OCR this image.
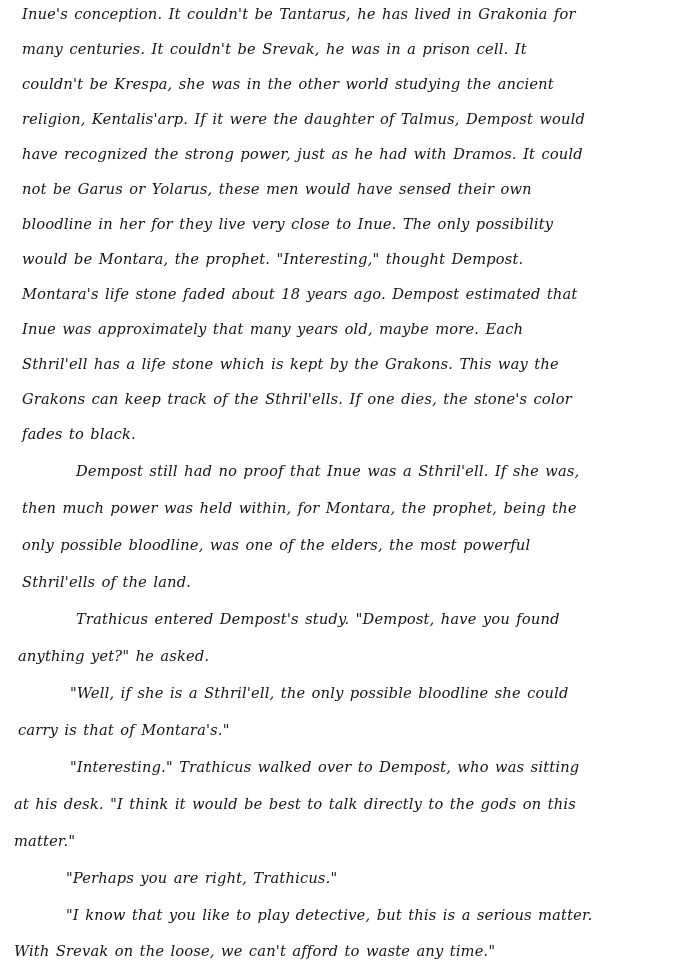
Inue's conception. It couldn't be Tantarus, he has lived in Grakonia for

many centuries. It couldn't be Srevak, he was in a prison cell. It

couldn't be Krespa, she was in the other world studying the ancient

religion, Kentalis'arp. If it were the daughter of Talmus, Dempost would

have recognized the strong power, just as he had with Dramos. It could

not be Garus or Yolarus, these men would have sensed their own

bloodline in her for they live very close to Inue. The only possibility

would be Montara, the prophet. "Interesting," thought Dempost.

Montara's life stone faded about 18 years ago. Dempost estimated that

Inue was approximately that many years old, maybe more. Each

Sthril'ell has a life stone which is kept by the Grakons. This way the

Grakons can keep track of the Sthril'ells. If one dies, the stone's color

fades to black.

Dempost still had no proof that Inue was a Sthril'ell. If she was,

then much power was held within, for Montara, the prophet, being the

only possible bloodline, was one of the elders, the most powerful

Sthril'ells of the land.

Trathicus entered Dempost's study. "Dempost, have you found

anything yet?" he asked.

"Well, if she is a Sthril'ell, the only possible bloodline she could

carry is that of Montara's."

"Interesting." Trathicus walked over to Dempost, who was sitting

at his desk. "I think it would be best to talk directly to the gods on this

matter."

"Perhaps you are right, Trathicus."

"I know that you like to play detective, but this is a serious matter.

With Srevak on the loose, we can't afford to waste any time."
